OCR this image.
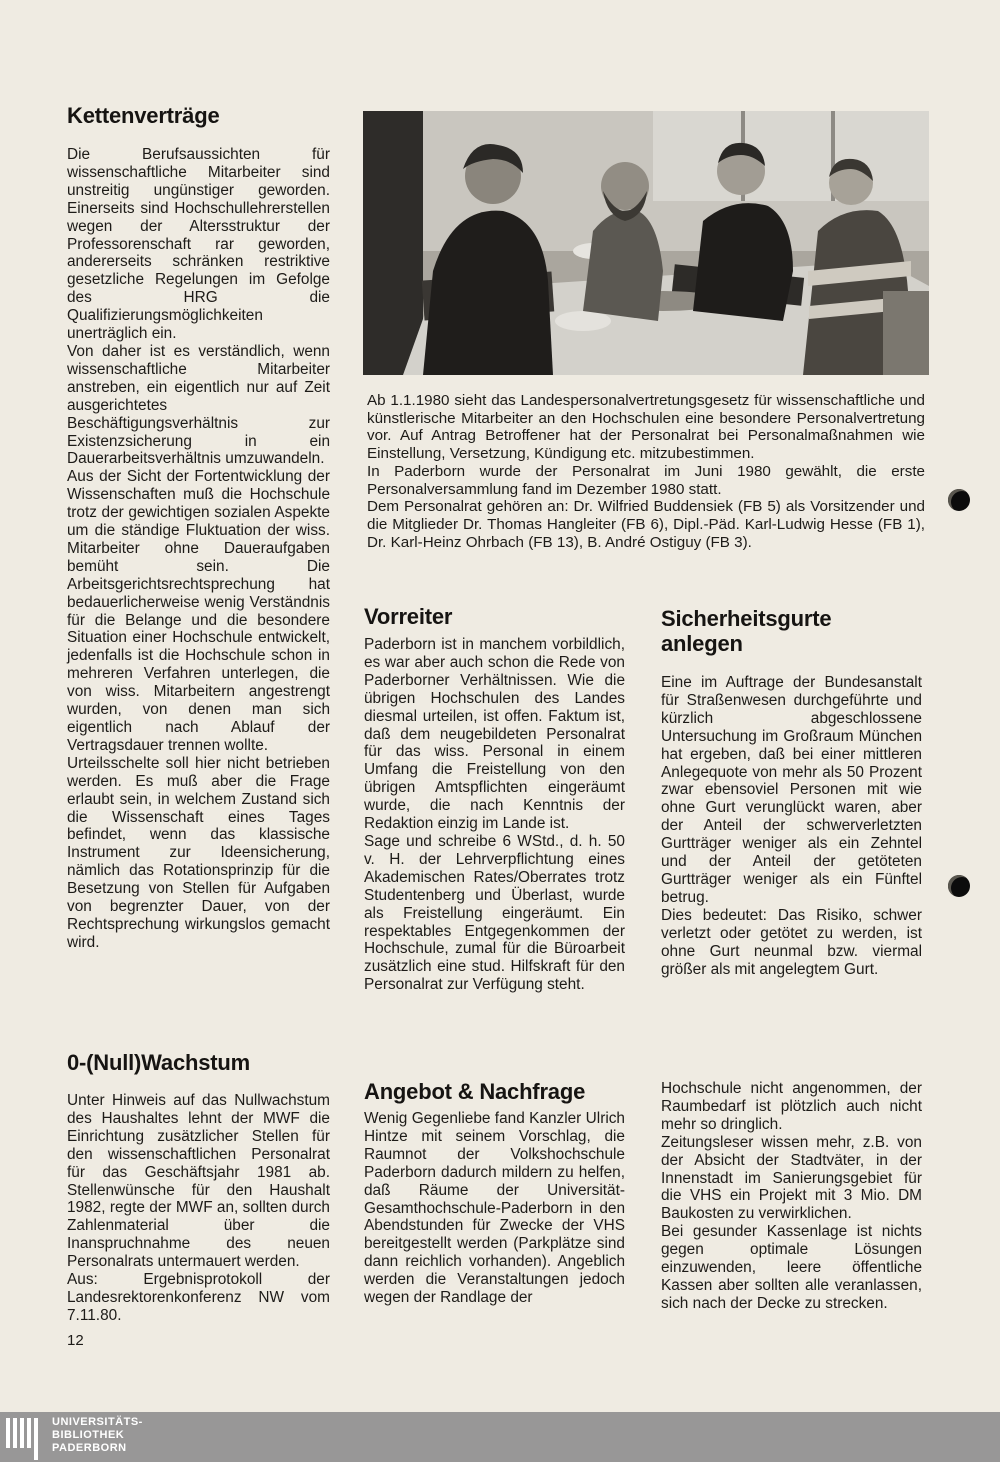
Kettenverträge

Die Berufsaussichten für wissenschaftliche Mitarbeiter sind unstreitig ungünstiger geworden. Einerseits sind Hochschullehrerstellen wegen der Altersstruktur der Professorenschaft rar geworden, andererseits schränken restriktive gesetzliche Regelungen im Gefolge des HRG die Qualifizierungsmöglichkeiten unerträglich ein.

Von daher ist es verständlich, wenn wissenschaftliche Mitarbeiter anstreben, ein eigentlich nur auf Zeit ausgerichtetes Beschäftigungsverhältnis zur Existenzsicherung in ein Dauerarbeitsverhältnis umzuwandeln.

Aus der Sicht der Fortentwicklung der Wissenschaften muß die Hochschule trotz der gewichtigen sozialen Aspekte um die ständige Fluktuation der wiss. Mitarbeiter ohne Daueraufgaben bemüht sein. Die Arbeitsgerichtsrechtsprechung hat bedauerlicherweise wenig Verständnis für die Belange und die besondere Situation einer Hochschule entwickelt, jedenfalls ist die Hochschule schon in mehreren Verfahren unterlegen, die von wiss. Mitarbeitern angestrengt wurden, von denen man sich eigentlich nach Ablauf der Vertragsdauer trennen wollte.

Urteilsschelte soll hier nicht betrieben werden. Es muß aber die Frage erlaubt sein, in welchem Zustand sich die Wissenschaft eines Tages befindet, wenn das klassische Instrument zur Ideensicherung, nämlich das Rotationsprinzip für die Besetzung von Stellen für Aufgaben von begrenzter Dauer, von der Rechtsprechung wirkungslos gemacht wird.

0-(Null)Wachstum

Unter Hinweis auf das Nullwachstum des Haushaltes lehnt der MWF die Einrichtung zusätzlicher Stellen für den wissenschaftlichen Personalrat für das Geschäftsjahr 1981 ab. Stellenwünsche für den Haushalt 1982, regte der MWF an, sollten durch Zahlenmaterial über die Inanspruchnahme des neuen Personalrats untermauert werden.

Aus: Ergebnisprotokoll der Landesrektorenkonferenz NW vom 7.11.80.

Ab 1.1.1980 sieht das Landespersonalvertretungsgesetz für wissenschaftliche und künstlerische Mitarbeiter an den Hochschulen eine besondere Personalvertretung vor. Auf Antrag Betroffener hat der Personalrat bei Personalmaßnahmen wie Einstellung, Versetzung, Kündigung etc. mitzubestimmen.

In Paderborn wurde der Personalrat im Juni 1980 gewählt, die erste Personalversammlung fand im Dezember 1980 statt.

Dem Personalrat gehören an: Dr. Wilfried Buddensiek (FB 5) als Vorsitzender und die Mitglieder Dr. Thomas Hangleiter (FB 6), Dipl.-Päd. Karl-Ludwig Hesse (FB 1), Dr. Karl-Heinz Ohrbach (FB 13), B. André Ostiguy (FB 3).

Vorreiter

Paderborn ist in manchem vorbildlich, es war aber auch schon die Rede von Paderborner Verhältnissen. Wie die übrigen Hochschulen des Landes diesmal urteilen, ist offen. Faktum ist, daß dem neugebildeten Personalrat für das wiss. Personal in einem Umfang die Freistellung von den übrigen Amtspflichten eingeräumt wurde, die nach Kenntnis der Redaktion einzig im Lande ist.

Sage und schreibe 6 WStd., d. h. 50 v. H. der Lehrverpflichtung eines Akademischen Rates/Oberrates trotz Studentenberg und Überlast, wurde als Freistellung eingeräumt. Ein respektables Entgegenkommen der Hochschule, zumal für die Büroarbeit zusätzlich eine stud. Hilfskraft für den Personalrat zur Verfügung steht.

Sicherheitsgurte
anlegen

Eine im Auftrage der Bundesanstalt für Straßenwesen durchgeführte und kürzlich abgeschlossene Untersuchung im Großraum München hat ergeben, daß bei einer mittleren Anlegequote von mehr als 50 Prozent zwar ebensoviel Personen mit wie ohne Gurt verunglückt waren, aber der Anteil der schwerverletzten Gurtträger weniger als ein Zehntel und der Anteil der getöteten Gurtträger weniger als ein Fünftel betrug.

Dies bedeutet: Das Risiko, schwer verletzt oder getötet zu werden, ist ohne Gurt neunmal bzw. viermal größer als mit angelegtem Gurt.

Angebot & Nachfrage

Wenig Gegenliebe fand Kanzler Ulrich Hintze mit seinem Vorschlag, die Raumnot der Volkshochschule Paderborn dadurch mildern zu helfen, daß Räume der Universität-Gesamthochschule-Paderborn in den Abendstunden für Zwecke der VHS bereitgestellt werden (Parkplätze sind dann reichlich vorhanden). Angeblich werden die Veranstaltungen jedoch wegen der Randlage der

Hochschule nicht angenommen, der Raumbedarf ist plötzlich auch nicht mehr so dringlich.

Zeitungsleser wissen mehr, z.B. von der Absicht der Stadtväter, in der Innenstadt im Sanierungsgebiet für die VHS ein Projekt mit 3 Mio. DM Baukosten zu verwirklichen.

Bei gesunder Kassenlage ist nichts gegen optimale Lösungen einzuwenden, leere öffentliche Kassen aber sollten alle veranlassen, sich nach der Decke zu strecken.

12
UNIVERSITÄTS-
BIBLIOTHEK
PADERBORN
